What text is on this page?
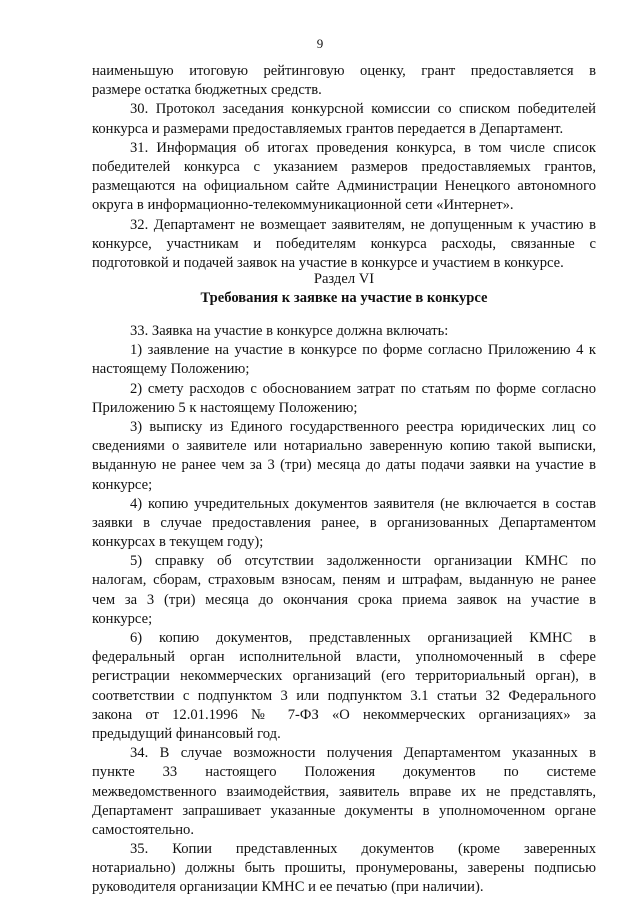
9
наименьшую итоговую рейтинговую оценку, грант предоставляется в
размере остатка бюджетных средств.
30. Протокол заседания конкурсной комиссии со списком победителей
конкурса и размерами предоставляемых грантов передается в Департамент.
31. Информация об итогах проведения конкурса, в том числе список
победителей конкурса с указанием размеров предоставляемых грантов,
размещаются на официальном сайте Администрации Ненецкого автономного
округа в информационно-телекоммуникационной сети «Интернет».
32. Департамент не возмещает заявителям, не допущенным к участию в
конкурсе, участникам и победителям конкурса расходы, связанные с
подготовкой и подачей заявок на участие в конкурсе и участием в конкурсе.
Раздел VI
Требования к заявке на участие в конкурсе
33. Заявка на участие в конкурсе должна включать:
1) заявление на участие в конкурсе по форме согласно Приложению 4 к
настоящему Положению;
2) смету расходов с обоснованием затрат по статьям по форме согласно
Приложению 5 к настоящему Положению;
3) выписку из Единого государственного реестра юридических лиц со
сведениями о заявителе или нотариально заверенную копию такой выписки,
выданную не ранее чем за 3 (три) месяца до даты подачи заявки на участие в
конкурсе;
4) копию учредительных документов заявителя (не включается в состав
заявки в случае предоставления ранее, в организованных Департаментом
конкурсах в текущем году);
5) справку об отсутствии задолженности организации КМНС по
налогам, сборам, страховым взносам, пеням и штрафам, выданную не ранее
чем за 3 (три) месяца до окончания срока приема заявок на участие в
конкурсе;
6) копию документов, представленных организацией КМНС в
федеральный орган исполнительной власти, уполномоченный в сфере
регистрации некоммерческих организаций (его территориальный орган), в
соответствии с подпунктом 3 или подпунктом 3.1 статьи 32 Федерального
закона от 12.01.1996 № 7-ФЗ «О некоммерческих организациях» за
предыдущий финансовый год.
34. В случае возможности получения Департаментом указанных в
пункте 33 настоящего Положения документов по системе
межведомственного взаимодействия, заявитель вправе их не представлять,
Департамент запрашивает указанные документы в уполномоченном органе
самостоятельно.
35. Копии представленных документов (кроме заверенных
нотариально) должны быть прошиты, пронумерованы, заверены подписью
руководителя организации КМНС и ее печатью (при наличии).
